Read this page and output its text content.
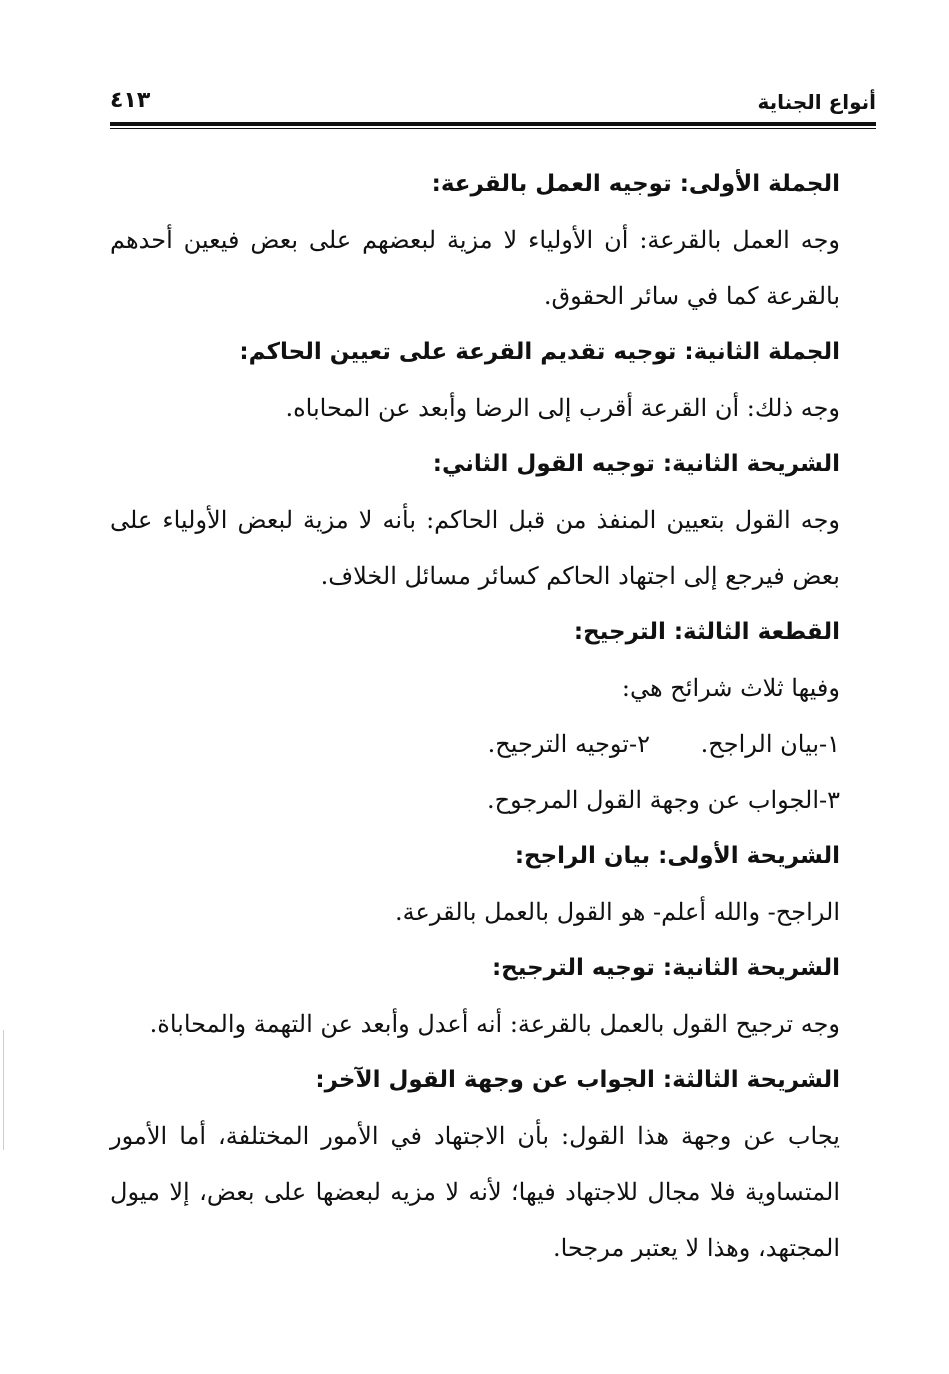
أنواع الجناية
٤١٣

الجملة الأولى: توجيه العمل بالقرعة:

وجه العمل بالقرعة: أن الأولياء لا مزية لبعضهم على بعض فيعين أحدهم بالقرعة كما في سائر الحقوق.

الجملة الثانية: توجيه تقديم القرعة على تعيين الحاكم:

وجه ذلك: أن القرعة أقرب إلى الرضا وأبعد عن المحاباه.

الشريحة الثانية: توجيه القول الثاني:

وجه القول بتعيين المنفذ من قبل الحاكم: بأنه لا مزية لبعض الأولياء على بعض فيرجع إلى اجتهاد الحاكم كسائر مسائل الخلاف.

القطعة الثالثة: الترجيح:

وفيها ثلاث شرائح هي:

١-بيان الراجح.
٢-توجيه الترجيح.

٣-الجواب عن وجهة القول المرجوح.

الشريحة الأولى: بيان الراجح:

الراجح- والله أعلم- هو القول بالعمل بالقرعة.

الشريحة الثانية: توجيه الترجيح:

وجه ترجيح القول بالعمل بالقرعة: أنه أعدل وأبعد عن التهمة والمحاباة.

الشريحة الثالثة: الجواب عن وجهة القول الآخر:

يجاب عن وجهة هذا القول: بأن الاجتهاد في الأمور المختلفة، أما الأمور المتساوية فلا مجال للاجتهاد فيها؛ لأنه لا مزيه لبعضها على بعض، إلا ميول المجتهد، وهذا لا يعتبر مرجحا.
